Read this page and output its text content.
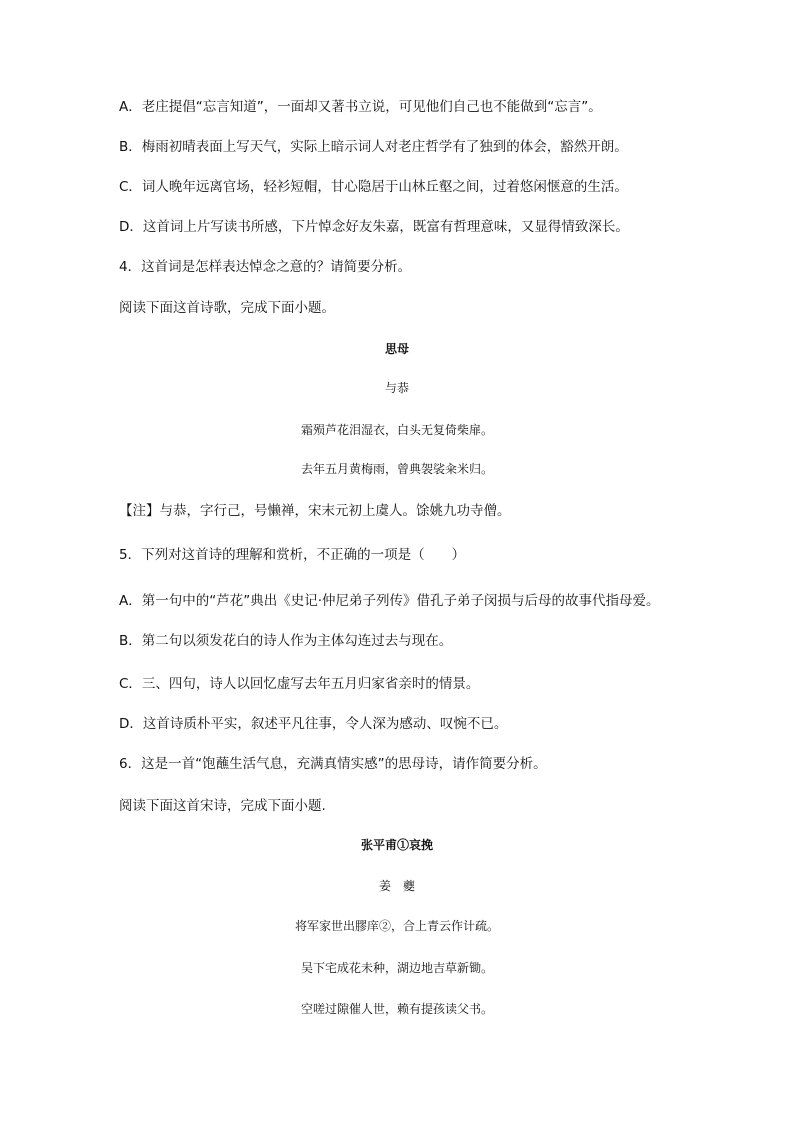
A．老庄提倡“忘言知道”，一面却又著书立说，可见他们自己也不能做到“忘言”。
B．梅雨初晴表面上写天气，实际上暗示词人对老庄哲学有了独到的体会，豁然开朗。
C．词人晚年远离官场，轻衫短帽，甘心隐居于山林丘壑之间，过着悠闲惬意的生活。
D．这首词上片写读书所感，下片悼念好友朱嘉，既富有哲理意味，又显得情致深长。
4．这首词是怎样表达悼念之意的？请简要分析。
阅读下面这首诗歌，完成下面小题。
思母
与恭
霜殒芦花泪湿衣，白头无复倚柴扉。
去年五月黄梅雨，曾典袈裟籴米归。
【注】与恭，字行己，号懒禅，宋末元初上虞人。馀姚九功寺僧。
5．下列对这首诗的理解和赏析，不正确的一项是（　　）
A．第一句中的“芦花”典出《史记·仲尼弟子列传》借孔子弟子闵损与后母的故事代指母爱。
B．第二句以须发花白的诗人作为主体勾连过去与现在。
C．三、四句，诗人以回忆虚写去年五月归家省亲时的情景。
D．这首诗质朴平实，叙述平凡往事，令人深为感动、叹惋不已。
6．这是一首“饱蘸生活气息，充满真情实感”的思母诗，请作简要分析。
阅读下面这首宋诗，完成下面小题.
张平甫①哀挽
姜　夔
将军家世出膠庠②，合上青云作计疏。
吴下宅成花未种，湖边地吉草新锄。
空嗟过隙催人世，赖有提孩读父书。
